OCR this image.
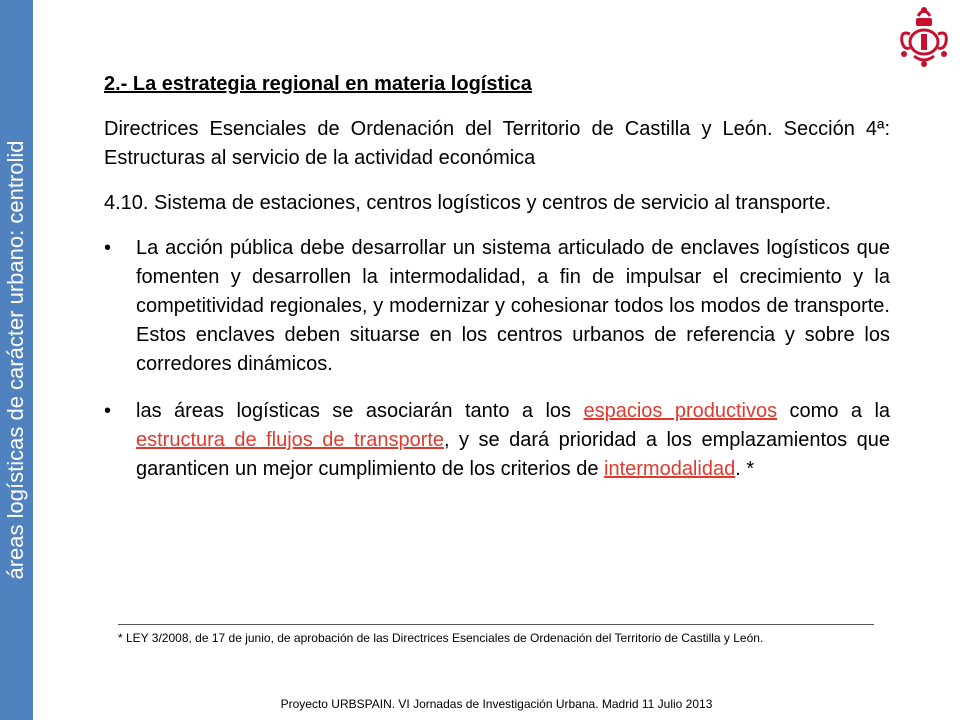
áreas logísticas de carácter urbano: centrolid
2.- La estrategia regional en materia logística
Directrices Esenciales de Ordenación del Territorio de Castilla y León. Sección 4ª: Estructuras al servicio de la actividad económica
4.10. Sistema de estaciones, centros logísticos y centros de servicio al transporte.
• La acción pública debe desarrollar un sistema articulado de enclaves logísticos que fomenten y desarrollen la intermodalidad, a fin de impulsar el crecimiento y la competitividad regionales, y modernizar y cohesionar todos los modos de transporte. Estos enclaves deben situarse en los centros urbanos de referencia y sobre los corredores dinámicos.
• las áreas logísticas se asociarán tanto a los espacios productivos como a la estructura de flujos de transporte, y se dará prioridad a los emplazamientos que garanticen un mejor cumplimiento de los criterios de intermodalidad. *
* LEY 3/2008, de 17 de junio, de aprobación de las Directrices Esenciales de Ordenación del Territorio de Castilla y León.
Proyecto URBSPAIN. VI Jornadas de Investigación Urbana. Madrid 11 Julio 2013
